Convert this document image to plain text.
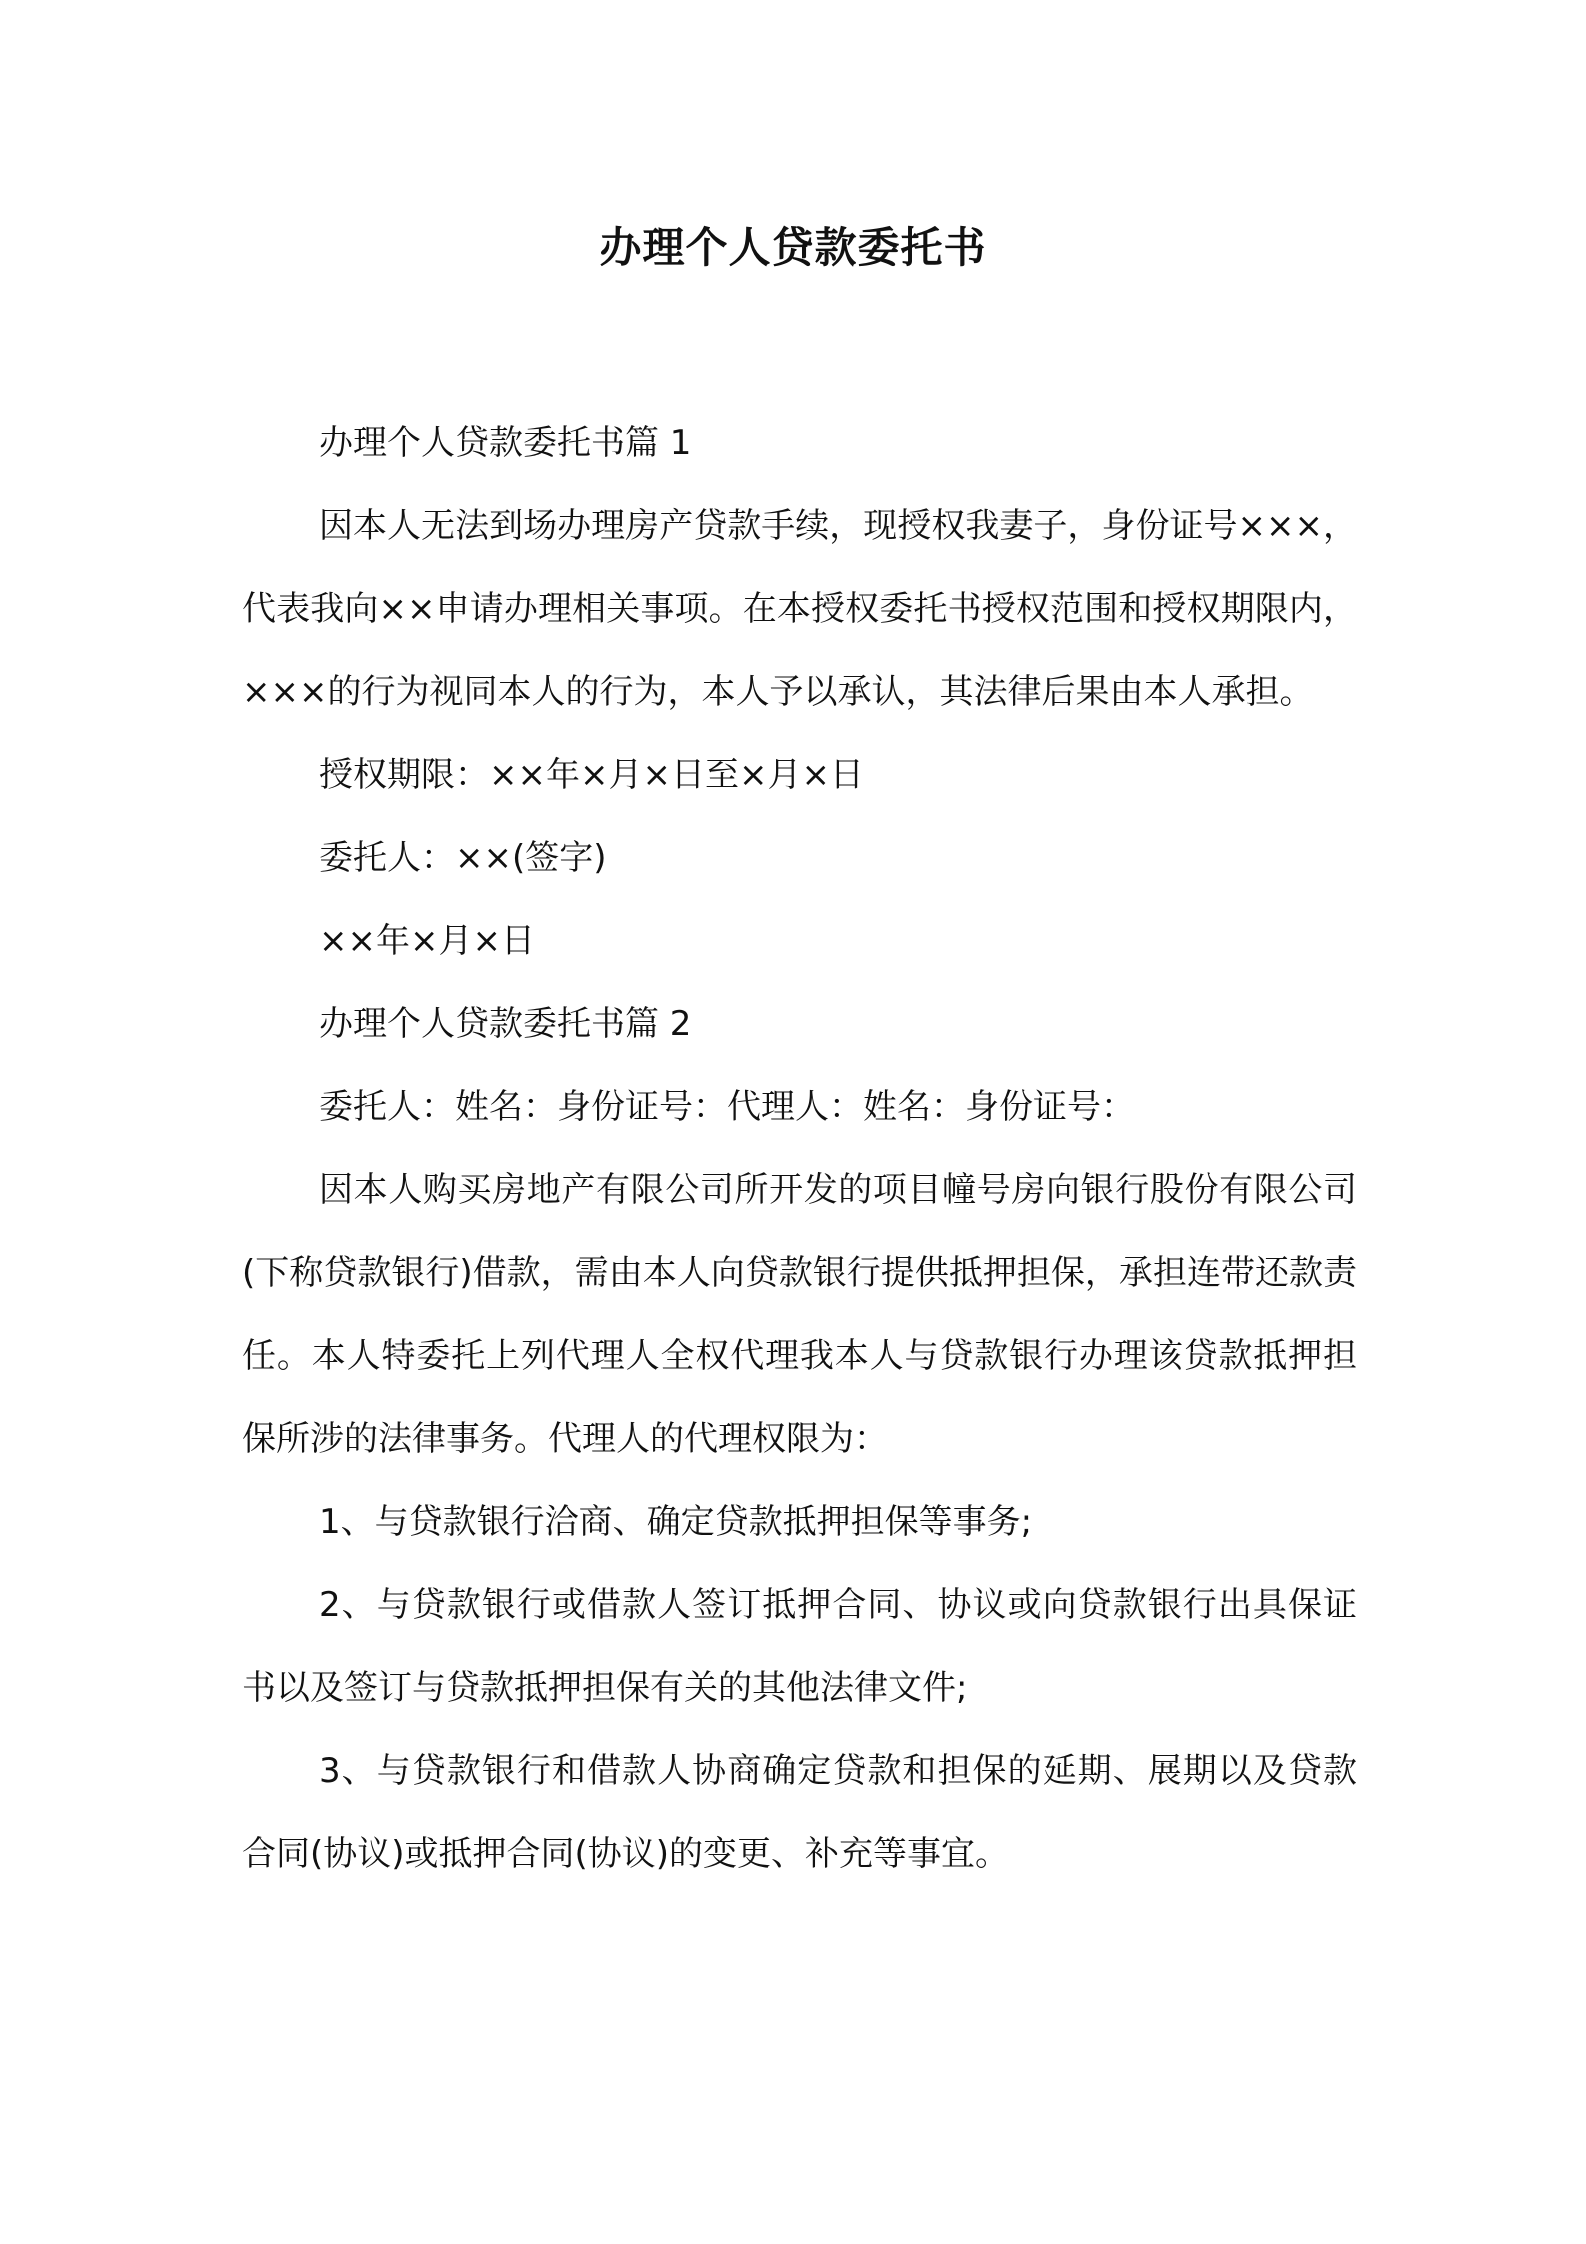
办理个人贷款委托书

办理个人贷款委托书篇 1

因本人无法到场办理房产贷款手续，现授权我妻子，身份证号×××，代表我向××申请办理相关事项。在本授权委托书授权范围和授权期限内，×××的行为视同本人的行为，本人予以承认，其法律后果由本人承担。

授权期限：××年×月×日至×月×日

委托人：××(签字)

××年×月×日

办理个人贷款委托书篇 2

委托人：姓名：身份证号：代理人：姓名：身份证号：

因本人购买房地产有限公司所开发的项目幢号房向银行股份有限公司(下称贷款银行)借款，需由本人向贷款银行提供抵押担保，承担连带还款责任。本人特委托上列代理人全权代理我本人与贷款银行办理该贷款抵押担保所涉的法律事务。代理人的代理权限为：

1、与贷款银行洽商、确定贷款抵押担保等事务;

2、与贷款银行或借款人签订抵押合同、协议或向贷款银行出具保证书以及签订与贷款抵押担保有关的其他法律文件;

3、与贷款银行和借款人协商确定贷款和担保的延期、展期以及贷款合同(协议)或抵押合同(协议)的变更、补充等事宜。
